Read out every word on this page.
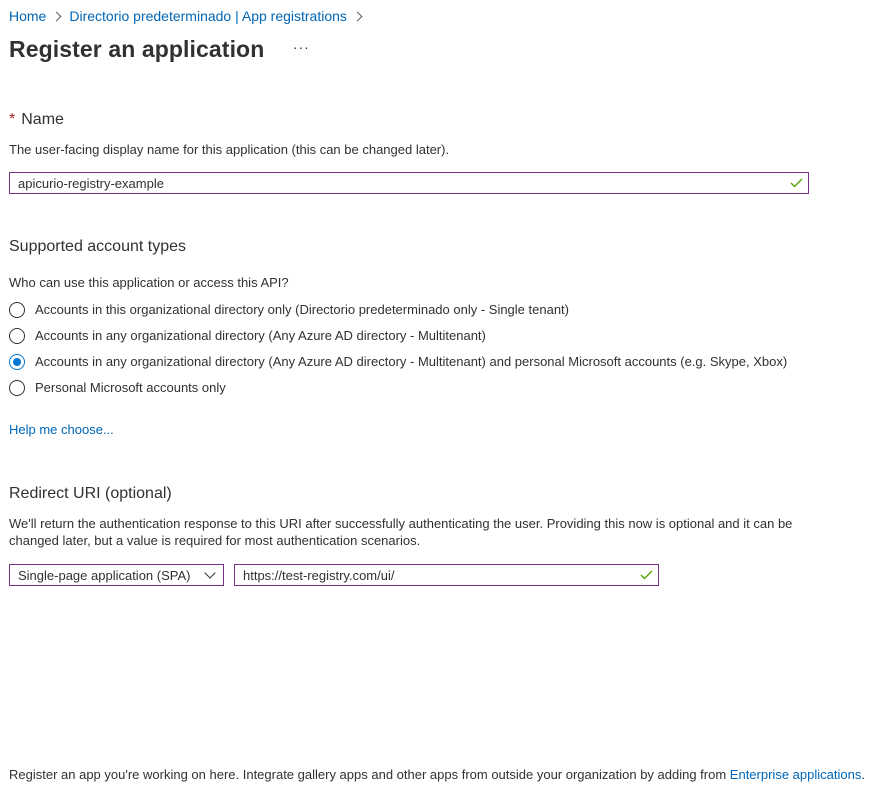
Home Directorio predeterminado | App registrations
Register an application ···
* Name

The user-facing display name for this application (this can be changed later).

apicurio-registry-example
Supported account types

Who can use this application or access this API?

Accounts in this organizational directory only (Directorio predeterminado only - Single tenant)
Accounts in any organizational directory (Any Azure AD directory - Multitenant)
Accounts in any organizational directory (Any Azure AD directory - Multitenant) and personal Microsoft accounts (e.g. Skype, Xbox)
Personal Microsoft accounts only
Help me choose...
Redirect URI (optional)

We'll return the authentication response to this URI after successfully authenticating the user. Providing this now is optional and it can be changed later, but a value is required for most authentication scenarios.

Single-page application (SPA)
https://test-registry.com/ui/
Register an app you're working on here. Integrate gallery apps and other apps from outside your organization by adding from Enterprise applications.
